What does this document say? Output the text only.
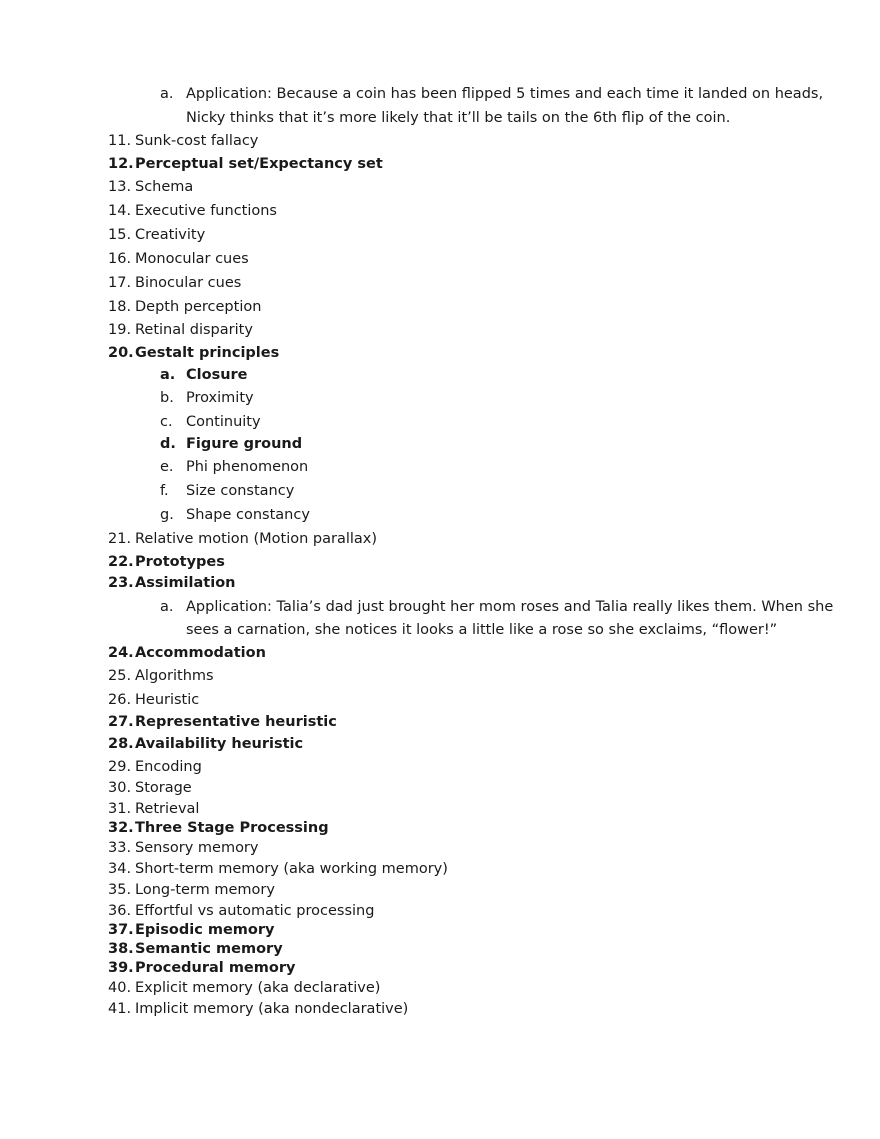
a. Application: Because a coin has been flipped 5 times and each time it landed on heads,
Nicky thinks that it’s more likely that it’ll be tails on the 6th flip of the coin.
11. Sunk-cost fallacy
12. Perceptual set/Expectancy set
13. Schema
14. Executive functions
15. Creativity
16. Monocular cues
17. Binocular cues
18. Depth perception
19. Retinal disparity
20. Gestalt principles
a. Closure
b. Proximity
c. Continuity
d. Figure ground
e. Phi phenomenon
f. Size constancy
g. Shape constancy
21. Relative motion (Motion parallax)
22. Prototypes
23. Assimilation
a. Application: Talia’s dad just brought her mom roses and Talia really likes them. When she
sees a carnation, she notices it looks a little like a rose so she exclaims, “flower!”
24. Accommodation
25. Algorithms
26. Heuristic
27. Representative heuristic
28. Availability heuristic
29. Encoding
30. Storage
31. Retrieval
32. Three Stage Processing
33. Sensory memory
34. Short-term memory (aka working memory)
35. Long-term memory
36. Effortful vs automatic processing
37. Episodic memory
38. Semantic memory
39. Procedural memory
40. Explicit memory (aka declarative)
41. Implicit memory (aka nondeclarative)
